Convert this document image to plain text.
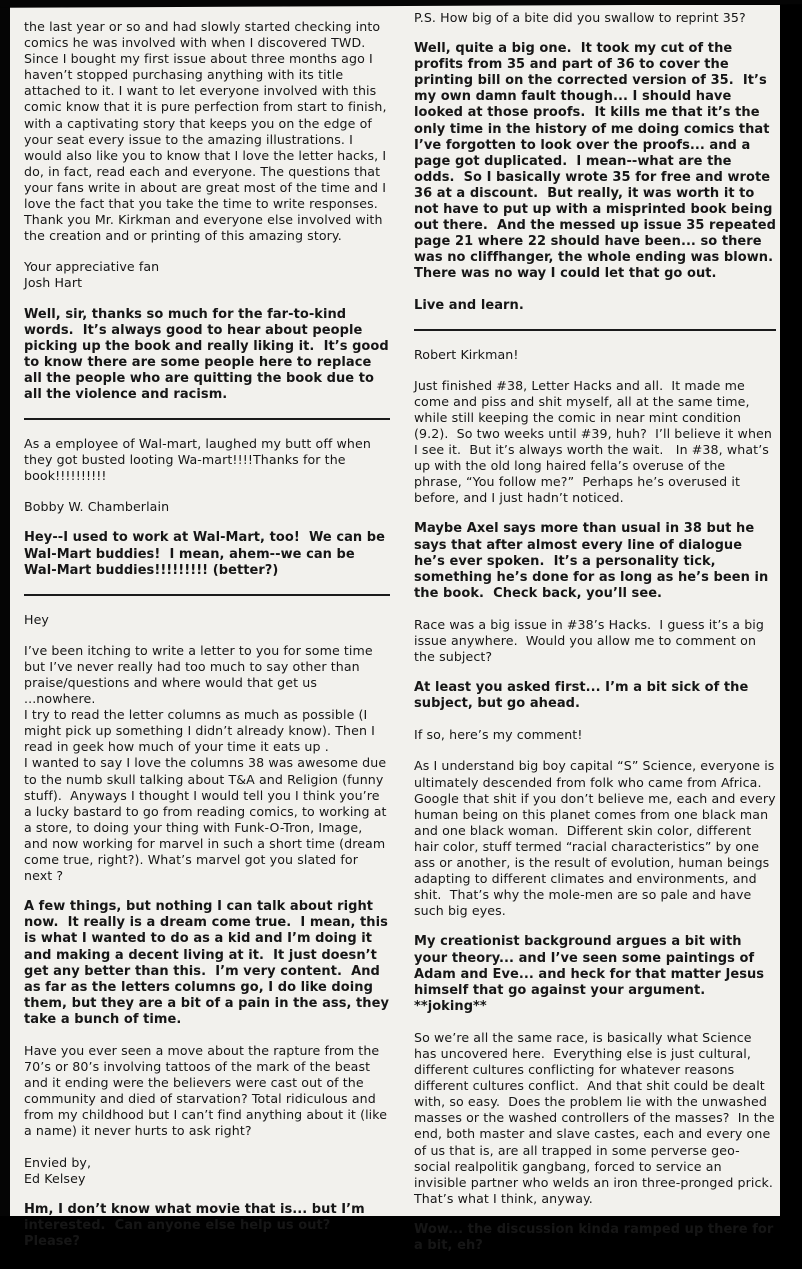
the last year or so and had slowly started checking into comics he was involved with when I discovered TWD. Since I bought my first issue about three months ago I haven’t stopped purchasing anything with its title attached to it. I want to let everyone involved with this comic know that it is pure perfection from start to finish, with a captivating story that keeps you on the edge of your seat every issue to the amazing illustrations. I would also like you to know that I love the letter hacks, I do, in fact, read each and everyone. The questions that your fans write in about are great most of the time and I love the fact that you take the time to write responses. Thank you Mr. Kirkman and everyone else involved with the creation and or printing of this amazing story.

Your appreciative fan
Josh Hart

Well, sir, thanks so much for the far-to-kind words.  It’s always good to hear about people picking up the book and really liking it.  It’s good to know there are some people here to replace all the people who are quitting the book due to all the violence and racism.

As a employee of Wal-mart, laughed my butt off when they got busted looting Wa-mart!!!!Thanks for the book!!!!!!!!!!

Bobby W. Chamberlain

Hey--I used to work at Wal-Mart, too!  We can be Wal-Mart buddies!  I mean, ahem--we can be Wal-Mart buddies!!!!!!!!! (better?)

Hey

I’ve been itching to write a letter to you for some time but I’ve never really had too much to say other than praise/questions and where would that get us
...nowhere.
I try to read the letter columns as much as possible (I might pick up something I didn’t already know). Then I read in geek how much of your time it eats up .
I wanted to say I love the columns 38 was awesome due to the numb skull talking about T&A and Religion (funny stuff).  Anyways I thought I would tell you I think you’re a lucky bastard to go from reading comics, to working at a store, to doing your thing with Funk-O-Tron, Image, and now working for marvel in such a short time (dream come true, right?). What’s marvel got you slated for next ?

A few things, but nothing I can talk about right now.  It really is a dream come true.  I mean, this is what I wanted to do as a kid and I’m doing it and making a decent living at it.  It just doesn’t get any better than this.  I’m very content.  And as far as the letters columns go, I do like doing them, but they are a bit of a pain in the ass, they take a bunch of time.

Have you ever seen a move about the rapture from the 70’s or 80’s involving tattoos of the mark of the beast and it ending were the believers were cast out of the community and died of starvation? Total ridiculous and from my childhood but I can’t find anything about it (like a name) it never hurts to ask right?

Envied by,
Ed Kelsey

Hm, I don’t know what movie that is... but I’m interested.  Can anyone else help us out?  Please?

P.S. How big of a bite did you swallow to reprint 35?

Well, quite a big one.  It took my cut of the profits from 35 and part of 36 to cover the printing bill on the corrected version of 35.  It’s my own damn fault though... I should have looked at those proofs.  It kills me that it’s the only time in the history of me doing comics that I’ve forgotten to look over the proofs... and a page got duplicated.  I mean--what are the odds.  So I basically wrote 35 for free and wrote 36 at a discount.  But really, it was worth it to not have to put up with a misprinted book being out there.  And the messed up issue 35 repeated page 21 where 22 should have been... so there was no cliffhanger, the whole ending was blown.  There was no way I could let that go out.

Live and learn.

Robert Kirkman!

Just finished #38, Letter Hacks and all.  It made me come and piss and shit myself, all at the same time, while still keeping the comic in near mint condition (9.2).  So two weeks until #39, huh?  I’ll believe it when I see it.  But it’s always worth the wait.   In #38, what’s up with the old long haired fella’s overuse of the phrase, “You follow me?”  Perhaps he’s overused it before, and I just hadn’t noticed.

Maybe Axel says more than usual in 38 but he says that after almost every line of dialogue he’s ever spoken.  It’s a personality tick, something he’s done for as long as he’s been in the book.  Check back, you’ll see.

Race was a big issue in #38’s Hacks.  I guess it’s a big issue anywhere.  Would you allow me to comment on the subject?

At least you asked first... I’m a bit sick of the subject, but go ahead.

If so, here’s my comment!

As I understand big boy capital “S” Science, everyone is ultimately descended from folk who came from Africa.  Google that shit if you don’t believe me, each and every human being on this planet comes from one black man and one black woman.  Different skin color, different hair color, stuff termed “racial characteristics” by one ass or another, is the result of evolution, human beings adapting to different climates and environments, and shit.  That’s why the mole-men are so pale and have such big eyes.

My creationist background argues a bit with your theory... and I’ve seen some paintings of Adam and Eve... and heck for that matter Jesus himself that go against your argument.  **joking**

So we’re all the same race, is basically what Science has uncovered here.  Everything else is just cultural, different cultures conflicting for whatever reasons different cultures conflict.  And that shit could be dealt with, so easy.  Does the problem lie with the unwashed masses or the washed controllers of the masses?  In the end, both master and slave castes, each and every one of us that is, are all trapped in some perverse geo-social realpolitik gangbang, forced to service an invisible partner who welds an iron three-pronged prick.  That’s what I think, anyway.

Wow... the discussion kinda ramped up there for a bit, eh?
